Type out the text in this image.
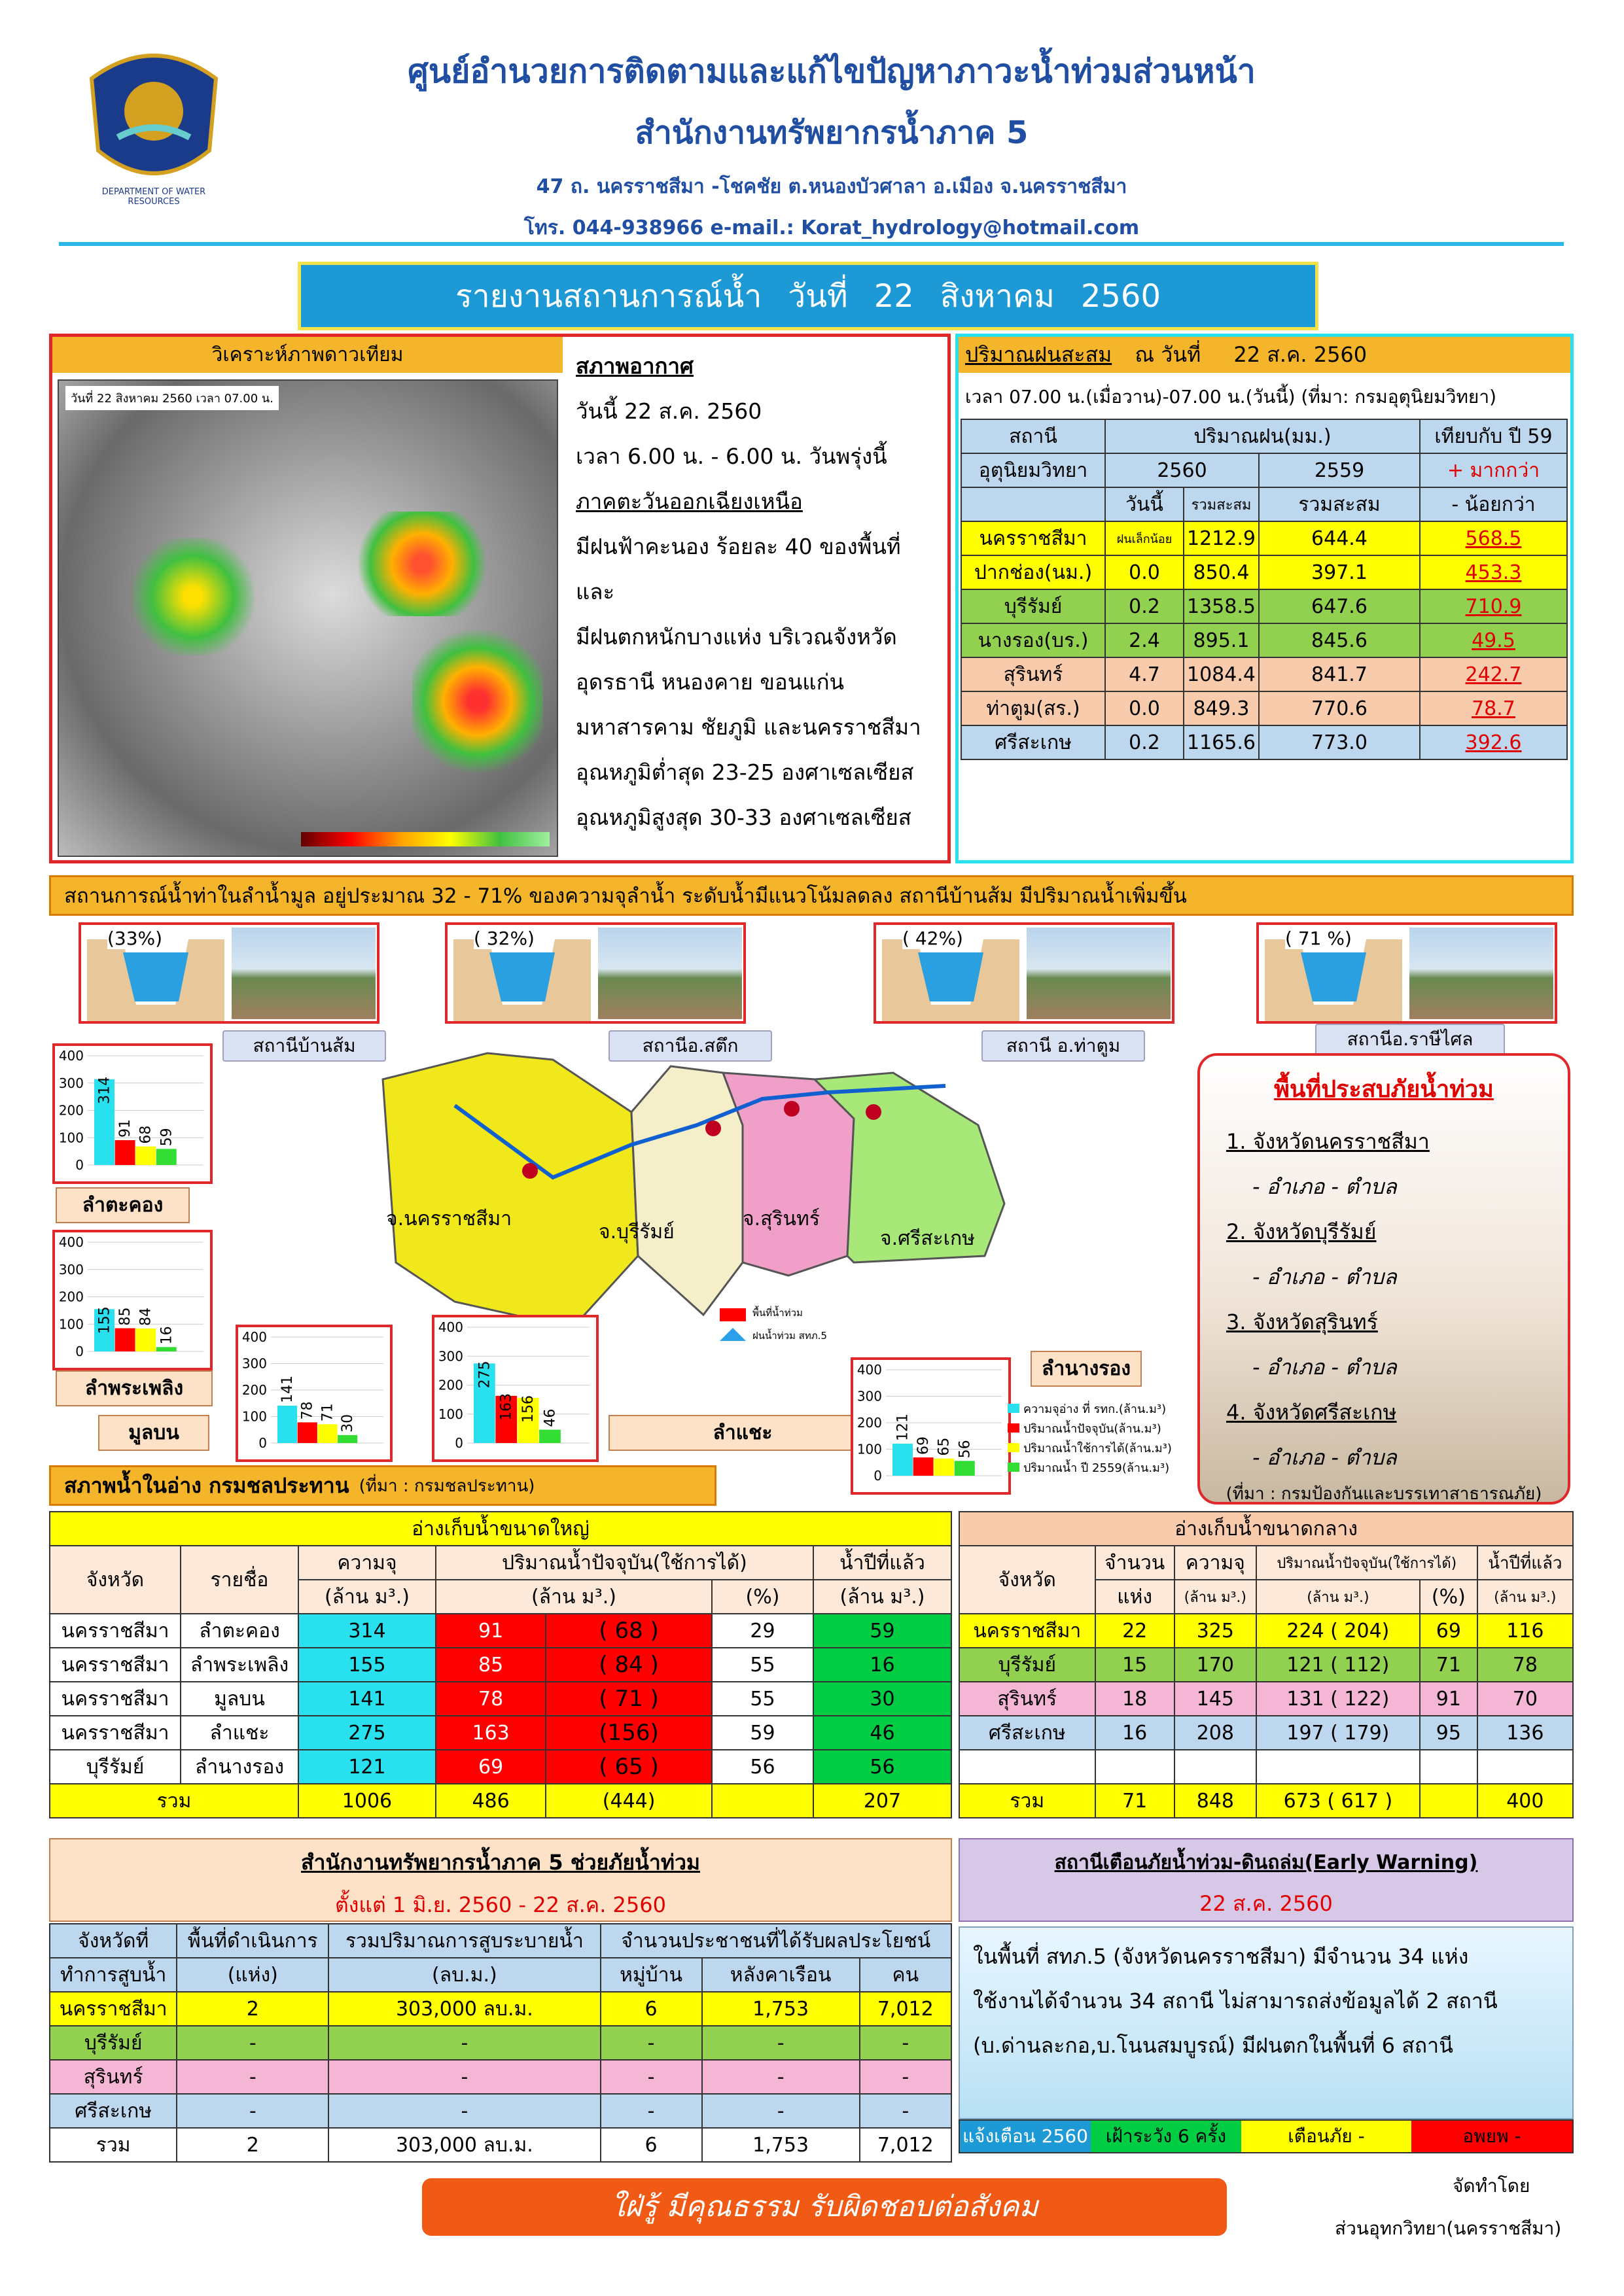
DEPARTMENT OF WATER RESOURCES
ศูนย์อำนวยการติดตามและแก้ไขปัญหาภาวะน้ำท่วมส่วนหน้า
สำนักงานทรัพยากรน้ำภาค 5
47 ถ. นครราชสีมา -โชคชัย ต.หนองบัวศาลา อ.เมือง จ.นครราชสีมา
โทร. 044-938966 e-mail.: Korat_hydrology@hotmail.com
รายงานสถานการณ์น้ำ วันที่ 22 สิงหาคม 2560
วิเคราะห์ภาพดาวเทียม
วันที่ 22 สิงหาคม 2560 เวลา 07.00 น.
สภาพอากาศ
วันนี้ 22 ส.ค. 2560
เวลา 6.00 น. - 6.00 น. วันพรุ่งนี้
ภาคตะวันออกเฉียงเหนือ
มีฝนฟ้าคะนอง ร้อยละ 40 ของพื้นที่ และ
มีฝนตกหนักบางแห่ง บริเวณจังหวัด
อุดรธานี หนองคาย ขอนแก่น
มหาสารคาม ชัยภูมิ และนครราชสีมา
อุณหภูมิต่ำสุด 23-25 องศาเซลเซียส
อุณหภูมิสูงสุด 30-33 องศาเซลเซียส
ปริมาณฝนสะสม ณ วันที่ 22 ส.ค. 2560
เวลา 07.00 น.(เมื่อวาน)-07.00 น.(วันนี้) (ที่มา: กรมอุตุนิยมวิทยา)
สถานี	ปริมาณฝน(มม.)			เทียบกับ ปี 59
อุตุนิยมวิทยา	2560		2559	+ มากกว่า
	วันนี้	รวมสะสม	รวมสะสม	- น้อยกว่า
นครราชสีมา	ฝนเล็กน้อย	1212.9	644.4	568.5
ปากช่อง(นม.)	0.0	850.4	397.1	453.3
บุรีรัมย์	0.2	1358.5	647.6	710.9
นางรอง(บร.)	2.4	895.1	845.6	49.5
สุรินทร์	4.7	1084.4	841.7	242.7
ท่าตูม(สร.)	0.0	849.3	770.6	78.7
ศรีสะเกษ	0.2	1165.6	773.0	392.6
สถานการณ์น้ำท่าในลำน้ำมูล อยู่ประมาณ 32 - 71% ของความจุลำน้ำ ระดับน้ำมีแนวโน้มลดลง สถานีบ้านส้ม มีปริมาณน้ำเพิ่มขึ้น
(33%)
สถานีบ้านส้ม
( 32%)
สถานีอ.สตึก
( 42%)
สถานี อ.ท่าตูม
( 71 %)
สถานีอ.ราษีไศล
จ.นครราชสีมา
จ.บุรีรัมย์
จ.สุรินทร์
จ.ศรีสะเกษ
พื้นที่น้ำท่วม
ฝนน้ำท่วม สทภ.5
พื้นที่ประสบภัยน้ำท่วม
1. จังหวัดนครราชสีมา
- อำเภอ - ตำบล
2. จังหวัดบุรีรัมย์
- อำเภอ - ตำบล
3. จังหวัดสุรินทร์
- อำเภอ - ตำบล
4. จังหวัดศรีสะเกษ
- อำเภอ - ตำบล
(ที่มา : กรมป้องกันและบรรเทาสาธารณภัย)
0
100
200
300
400
314
91 68 59
ลำตะคอง
0
100
200
300
400
155 85 84
16
ลำพระเพลิง
0
100
200
300
400
141
78 71
30
มูลบน	0
100
200
300
400
275
163 156 46
ลำแชะ
0
100
200
300
400
121
69 65 56
ลำนางรอง
ความจุอ่าง ที่ รทก.(ล้าน.ม³)
ปริมาณน้ำปัจจุบัน(ล้าน.ม³)
ปริมาณน้ำใช้การได้(ล้าน.ม³)
ปริมาณน้ำ ปี 2559(ล้าน.ม³)
สภาพน้ำในอ่าง กรมชลประทาน (ที่มา : กรมชลประทาน)
อ่างเก็บน้ำขนาดใหญ่						
จังหวัด	รายชื่อ	ความจุ	ปริมาณน้ำปัจจุบัน(ใช้การได้)			น้ำปีที่แล้ว
		(ล้าน ม³.)	(ล้าน ม³.)		(%)	(ล้าน ม³.)
นครราชสีมา	ลำตะคอง	314	91	( 68 )	29	59
นครราชสีมา	ลำพระเพลิง	155	85	( 84 )	55	16
นครราชสีมา	มูลบน	141	78	( 71 )	55	30
นครราชสีมา	ลำแชะ	275	163	(156)	59	46
บุรีรัมย์	ลำนางรอง	121	69	( 65 )	56	56
รวม		1006	486	(444)		207
อ่างเก็บน้ำขนาดกลาง					
จังหวัด	จำนวน	ความจุ	ปริมาณน้ำปัจจุบัน(ใช้การได้)		น้ำปีที่แล้ว
	แห่ง	(ล้าน ม³.)	(ล้าน ม³.)	(%)	(ล้าน ม³.)
นครราชสีมา	22	325	224 ( 204)	69	116
บุรีรัมย์	15	170	121 ( 112)	71	78
สุรินทร์	18	145	131 ( 122)	91	70
ศรีสะเกษ	16	208	197 ( 179)	95	136

รวม	71	848	673 ( 617 )		400
สำนักงานทรัพยากรน้ำภาค 5 ช่วยภัยน้ำท่วม
ตั้งแต่ 1 มิ.ย. 2560 - 22 ส.ค. 2560
จังหวัดที่	พื้นที่ดำเนินการ	รวมปริมาณการสูบระบายน้ำ	จำนวนประชาชนที่ได้รับผลประโยชน์		
ทำการสูบน้ำ	(แห่ง)	(ลบ.ม.)	หมู่บ้าน	หลังคาเรือน	คน
นครราชสีมา	2	303,000 ลบ.ม.	6	1,753	7,012
บุรีรัมย์	-	-	-	-	-
สุรินทร์	-	-	-	-	-
ศรีสะเกษ	-	-	-	-	-
รวม	2	303,000 ลบ.ม.	6	1,753	7,012
สถานีเตือนภัยน้ำท่วม-ดินถล่ม(Early Warning)
22 ส.ค. 2560
ในพื้นที่ สทภ.5 (จังหวัดนครราชสีมา) มีจำนวน 34 แห่ง
ใช้งานได้จำนวน 34 สถานี ไม่สามารถส่งข้อมูลได้ 2 สถานี
(บ.ด่านละกอ,บ.โนนสมบูรณ์) มีฝนตกในพื้นที่ 6 สถานี
แจ้งเตือน 2560 เฝ้าระวัง 6 ครั้ง	เตือนภัย -	อพยพ -
ใฝ่รู้ มีคุณธรรม รับผิดชอบต่อสังคม
จัดทำโดย
ส่วนอุทกวิทยา(นครราชสีมา)
